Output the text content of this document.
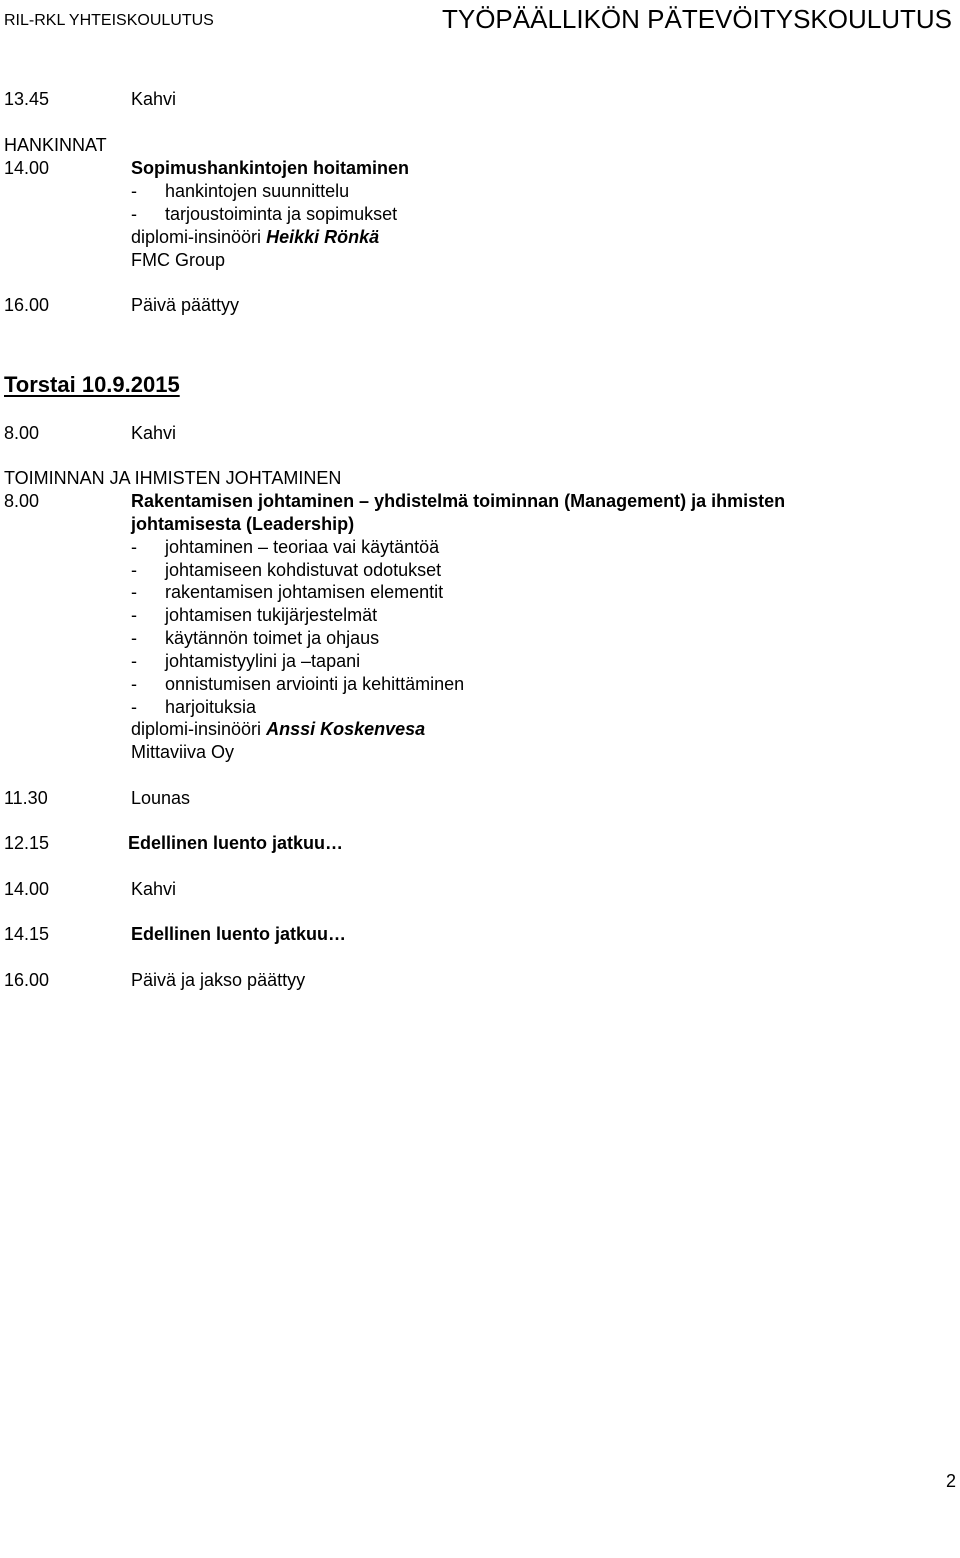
RIL-RKL YHTEISKOULUTUS	TYÖPÄÄLLIKÖN PÄTEVÖITYSKOULUTUS
13.45	Kahvi
HANKINNAT
14.00	Sopimushankintojen hoitaminen
- hankintojen suunnittelu
- tarjoustoiminta ja sopimukset
diplomi-insinööri Heikki Rönkä
FMC Group
16.00	Päivä päättyy
Torstai 10.9.2015
8.00	Kahvi
TOIMINNAN JA IHMISTEN JOHTAMINEN
8.00	Rakentamisen johtaminen – yhdistelmä toiminnan (Management) ja ihmisten
johtamisesta (Leadership)
- johtaminen – teoriaa vai käytäntöä
- johtamiseen kohdistuvat odotukset
- rakentamisen johtamisen elementit
- johtamisen tukijärjestelmät
- käytännön toimet ja ohjaus
- johtamistyylini ja –tapani
- onnistumisen arviointi ja kehittäminen
- harjoituksia
diplomi-insinööri Anssi Koskenvesa
Mittaviiva Oy
11.30	Lounas
12.15	Edellinen luento jatkuu…
14.00	Kahvi
14.15	Edellinen luento jatkuu…
16.00	Päivä ja jakso päättyy
2
